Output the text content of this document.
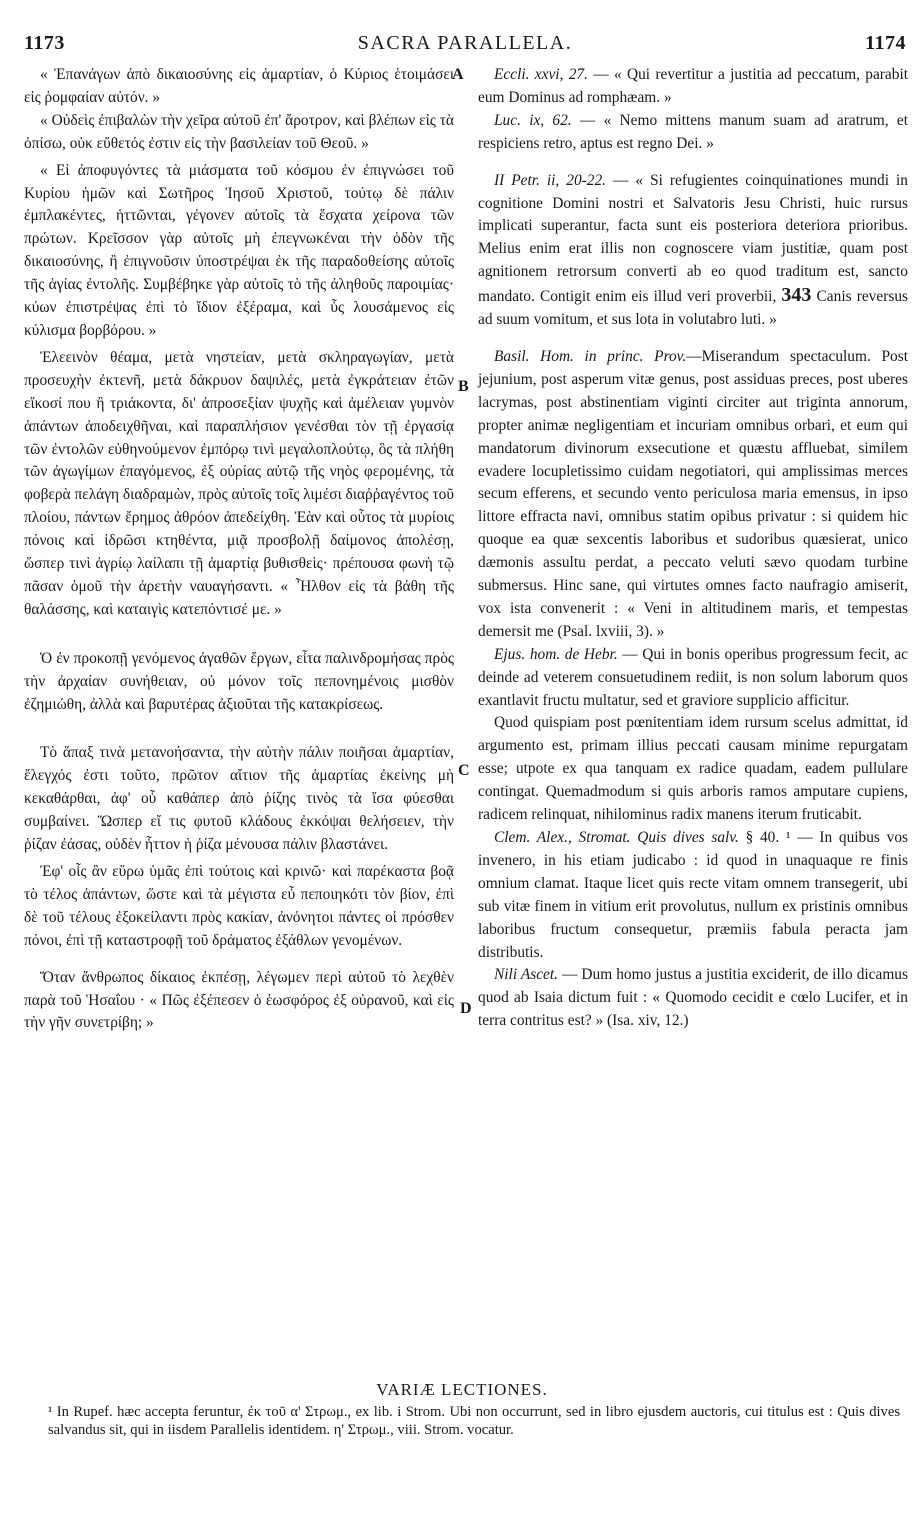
1173	SACRA PARALLELA.	1174
A
B
C
D

« Ἐπανάγων ἀπὸ δικαιοσύνης εἰς ἁμαρτίαν, ὁ Κύριος ἑτοιμάσει εἰς ῥομφαίαν αὐτόν. »

« Οὐδεὶς ἐπιβαλὼν τὴν χεῖρα αὐτοῦ ἐπ' ἄροτρον, καὶ βλέπων εἰς τὰ ὀπίσω, οὐκ εὔθετός ἐστιν εἰς τὴν βασιλείαν τοῦ Θεοῦ. »

« Εἰ ἀποφυγόντες τὰ μιάσματα τοῦ κόσμου ἐν ἐπιγνώσει τοῦ Κυρίου ἡμῶν καὶ Σωτῆρος Ἰησοῦ Χριστοῦ, τούτῳ δὲ πάλιν ἐμπλακέντες, ἡττῶνται, γέγονεν αὐτοῖς τὰ ἔσχατα χείρονα τῶν πρώτων. Κρεῖσσον γὰρ αὐτοῖς μὴ ἐπεγνωκέναι τὴν ὁδὸν τῆς δικαιοσύνης, ἢ ἐπιγνοῦσιν ὑποστρέψαι ἐκ τῆς παραδοθείσης αὐτοῖς τῆς ἁγίας ἐντολῆς. Συμβέβηκε γὰρ αὐτοῖς τὸ τῆς ἀληθοῦς παροιμίας· κύων ἐπιστρέψας ἐπὶ τὸ ἴδιον ἐξέραμα, καὶ ὗς λουσάμενος εἰς κύλισμα βορβόρου. »

Ἐλεεινὸν θέαμα, μετὰ νηστείαν, μετὰ σκληραγωγίαν, μετὰ προσευχὴν ἐκτενῆ, μετὰ δάκρυον δαψιλές, μετὰ ἐγκράτειαν ἐτῶν εἴκοσί που ἢ τριάκοντα, δι' ἀπροσεξίαν ψυχῆς καὶ ἀμέλειαν γυμνὸν ἁπάντων ἀποδειχθῆναι, καὶ παραπλήσιον γενέσθαι τὸν τῇ ἐργασίᾳ τῶν ἐντολῶν εὐθηνούμενον ἐμπόρῳ τινὶ μεγαλοπλούτῳ, ὃς τὰ πλήθη τῶν ἀγωγίμων ἐπαγόμενος, ἐξ οὐρίας αὐτῷ τῆς νηὸς φερομένης, τὰ φοβερὰ πελάγη διαδραμὼν, πρὸς αὐτοῖς τοῖς λιμέσι διαῤῥαγέντος τοῦ πλοίου, πάντων ἔρημος ἀθρόον ἀπεδείχθη. Ἐὰν καὶ οὗτος τὰ μυρίοις πόνοις καὶ ἱδρῶσι κτηθέντα, μιᾷ προσβολῇ δαίμονος ἀπολέσῃ, ὥσπερ τινὶ ἀγρίῳ λαίλαπι τῇ ἁμαρτίᾳ βυθισθεὶς· πρέπουσα φωνὴ τῷ πᾶσαν ὁμοῦ τὴν ἀρετὴν ναυαγήσαντι. « Ἦλθον εἰς τὰ βάθη τῆς θαλάσσης, καὶ καταιγὶς κατεπόντισέ με. »

Ὁ ἐν προκοπῇ γενόμενος ἀγαθῶν ἔργων, εἶτα παλινδρομήσας πρὸς τὴν ἀρχαίαν συνήθειαν, οὐ μόνον τοῖς πεπονημένοις μισθὸν ἐζημιώθη, ἀλλὰ καὶ βαρυτέρας ἀξιοῦται τῆς κατακρίσεως.

Τὸ ἅπαξ τινὰ μετανοήσαντα, τὴν αὐτὴν πάλιν ποιῆσαι ἁμαρτίαν, ἔλεγχός ἐστι τοῦτο, πρῶτον αἴτιον τῆς ἁμαρτίας ἐκείνης μὴ κεκαθάρθαι, ἀφ' οὗ καθάπερ ἀπὸ ῥίζης τινὸς τὰ ἴσα φύεσθαι συμβαίνει. Ὥσπερ εἴ τις φυτοῦ κλάδους ἐκκόψαι θελήσειεν, τὴν ῥίζαν ἐάσας, οὐδὲν ἧττον ἡ ῥίζα μένουσα πάλιν βλαστάνει.

Ἐφ' οἷς ἂν εὕρω ὑμᾶς ἐπὶ τούτοις καὶ κρινῶ· καὶ παρέκαστα βοᾷ τὸ τέλος ἁπάντων, ὥστε καὶ τὰ μέγιστα εὖ πεποιηκότι τὸν βίον, ἐπὶ δὲ τοῦ τέλους ἐξοκείλαντι πρὸς κακίαν, ἀνόνητοι πάντες οἱ πρόσθεν πόνοι, ἐπὶ τῇ καταστροφῇ τοῦ δράματος ἐξάθλων γενομένων.

Ὅταν ἄνθρωπος δίκαιος ἐκπέσῃ, λέγωμεν περὶ αὐτοῦ τὸ λεχθὲν παρὰ τοῦ Ἡσαΐου · « Πῶς ἐξέπεσεν ὁ ἑωσφόρος ἐξ οὐρανοῦ, καὶ εἰς τὴν γῆν συνετρίβη; »

Eccli. xxvi, 27. — « Qui revertitur a justitia ad peccatum, parabit eum Dominus ad romphæam. »

Luc. ix, 62. — « Nemo mittens manum suam ad aratrum, et respiciens retro, aptus est regno Dei. »

II Petr. ii, 20-22. — « Si refugientes coinquinationes mundi in cognitione Domini nostri et Salvatoris Jesu Christi, huic rursus implicati superantur, facta sunt eis posteriora deteriora prioribus. Melius enim erat illis non cognoscere viam justitiæ, quam post agnitionem retrorsum converti ab eo quod traditum est, sancto mandato. Contigit enim eis illud veri proverbii, 343 Canis reversus ad suum vomitum, et sus lota in volutabro luti. »

Basil. Hom. in princ. Prov.—Miserandum spectaculum. Post jejunium, post asperum vitæ genus, post assiduas preces, post uberes lacrymas, post abstinentiam viginti circiter aut triginta annorum, propter animæ negligentiam et incuriam omnibus orbari, et eum qui mandatorum divinorum exsecutione et quæstu affluebat, similem evadere locupletissimo cuidam negotiatori, qui amplissimas merces secum efferens, et secundo vento periculosa maria emensus, in ipso littore effracta navi, omnibus statim opibus privatur : si quidem hic quoque ea quæ sexcentis laboribus et sudoribus quæsierat, unico dæmonis assultu perdat, a peccato veluti sævo quodam turbine submersus. Hinc sane, qui virtutes omnes facto naufragio amiserit, vox ista convenerit : « Veni in altitudinem maris, et tempestas demersit me (Psal. lxviii, 3). »

Ejus. hom. de Hebr. — Qui in bonis operibus progressum fecit, ac deinde ad veterem consuetudinem rediit, is non solum laborum quos exantlavit fructu multatur, sed et graviore supplicio afficitur.

Quod quispiam post pœnitentiam idem rursum scelus admittat, id argumento est, primam illius peccati causam minime repurgatam esse; utpote ex qua tanquam ex radice quadam, eadem pullulare contingat. Quemadmodum si quis arboris ramos amputare cupiens, radicem relinquat, nihilominus radix manens iterum fruticabit.

Clem. Alex., Stromat. Quis dives salv. § 40. ¹ — In quibus vos invenero, in his etiam judicabo : id quod in unaquaque re finis omnium clamat. Itaque licet quis recte vitam omnem transegerit, ubi sub vitæ finem in vitium erit provolutus, nullum ex pristinis omnibus laboribus fructum consequetur, præmiis fabula peracta jam distributis.

Nili Ascet. — Dum homo justus a justitia exciderit, de illo dicamus quod ab Isaia dictum fuit : « Quomodo cecidit e cœlo Lucifer, et in terra contritus est? » (Isa. xiv, 12.)

VARIÆ LECTIONES.
¹ In Rupef. hæc accepta feruntur, ἐκ τοῦ α' Στρωμ., ex lib. i Strom. Ubi non occurrunt, sed in libro ejusdem auctoris, cui titulus est : Quis dives salvandus sit, qui in iisdem Parallelis identidem. η' Στρωμ., viii. Strom. vocatur.
